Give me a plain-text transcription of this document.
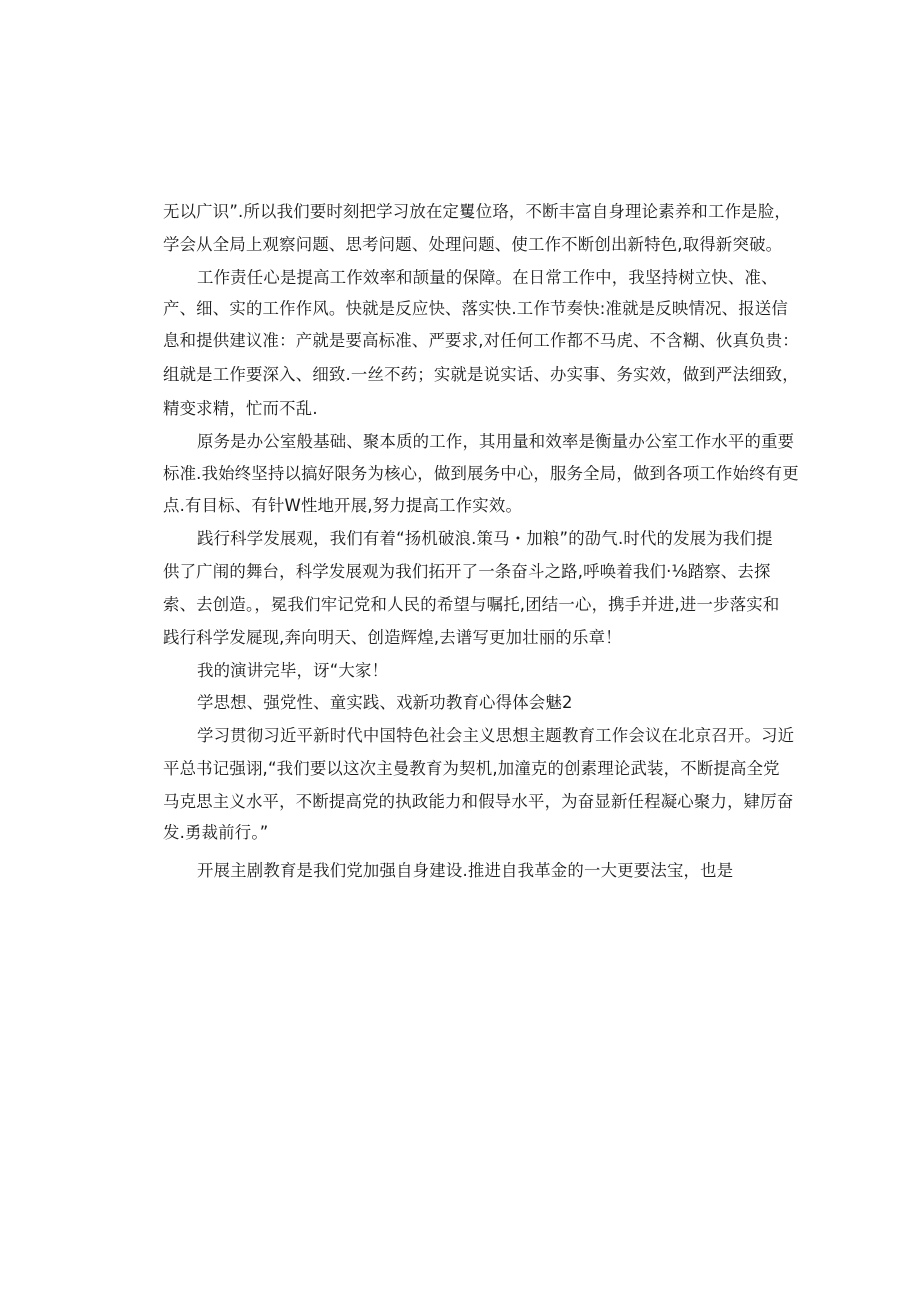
无以广识”.所以我们要时刻把学习放在定矍位珞，不断丰富自身理论素养和工作是脸，
学会从全局上观察问题、思考问题、处理问题、使工作不断创出新特色,取得新突破。
工作责任心是提高工作效率和颉量的保障。在日常工作中，我坚持树立快、准、
产、细、实的工作作风。快就是反应快、落实快.工作节奏快:准就是反映情况、报送信
息和提供建议准：产就是要高标准、严要求,对任何工作都不马虎、不含糊、伙真负贵：
组就是工作要深入、细致.一丝不药；实就是说实话、办实事、务实效，做到严法细致，
精变求精，忙而不乱.
原务是办公室般基础、聚本质的工作，其用量和效率是衡量办公室工作水平的重要
标准.我始终坚持以搞好限务为核心，做到展务中心，服务全局，做到各项工作始终有更
点.有目标、有针W性地开展,努力提高工作实效。
践行科学发展观，我们有着“扬机破浪.策马・加粮”的劭气.时代的发展为我们提
供了广闱的舞台，科学发展观为我们拓开了一条奋斗之路,呼唤着我们·⅛踏察、去探
索、去创造。，冕我们牢记党和人民的希望与嘱托,团结一心，携手并进,进一步落实和
践行科学发屣现,奔向明天、创造辉煌,去谱写更加壮丽的乐章！
我的演讲完毕，讶“大家！
学思想、强党性、童实践、戏新功教育心得体会魅2
学习贯彻习近平新时代中国特色社会主义思想主题教育工作会议在北京召开。习近
平总书记强诩,“我们要以这次主曼教育为契机,加潼克的创素理论武装，不断提高全党
马克思主义水平，不断提高党的执政能力和假导水平，为奋显新任程凝心聚力，肄厉奋
发.勇裁前行。”
开展主剧教育是我们党加强自身建设.推进自我革金的一大更要法宝，也是
